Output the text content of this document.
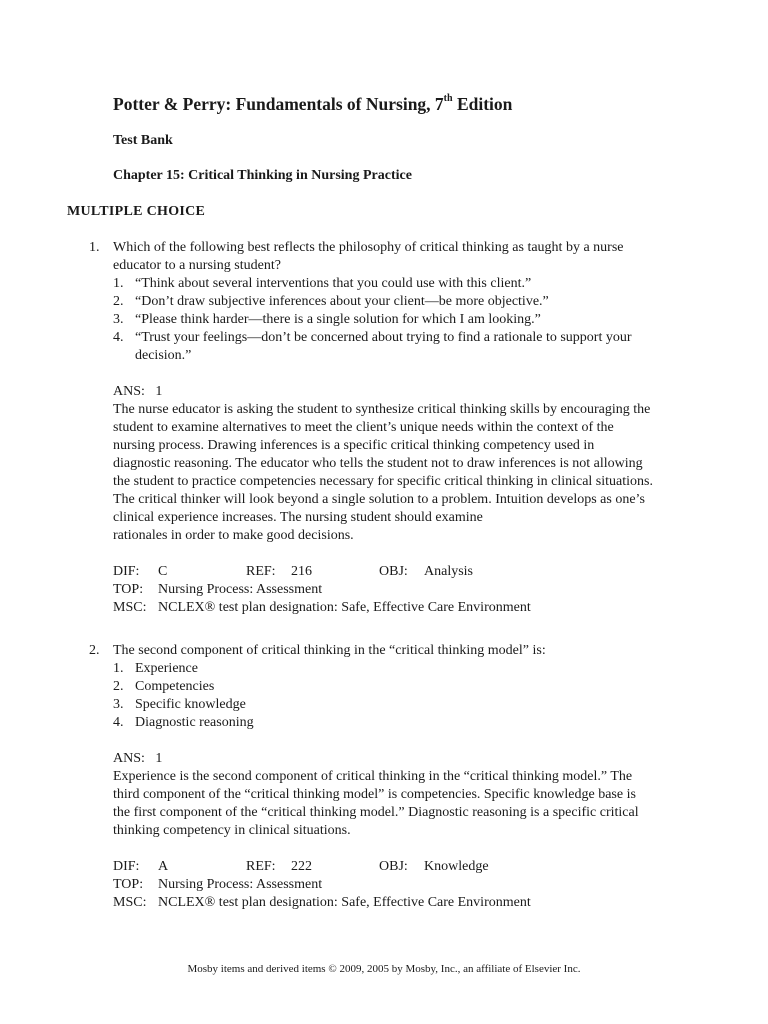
Potter & Perry: Fundamentals of Nursing, 7th Edition
Test Bank
Chapter 15: Critical Thinking in Nursing Practice
MULTIPLE CHOICE
1. Which of the following best reflects the philosophy of critical thinking as taught by a nurse educator to a nursing student?
1. “Think about several interventions that you could use with this client.”
2. “Don’t draw subjective inferences about your client—be more objective.”
3. “Please think harder—there is a single solution for which I am looking.”
4. “Trust your feelings—don’t be concerned about trying to find a rationale to support your decision.”
ANS: 1
The nurse educator is asking the student to synthesize critical thinking skills by encouraging the student to examine alternatives to meet the client’s unique needs within the context of the nursing process. Drawing inferences is a specific critical thinking competency used in diagnostic reasoning. The educator who tells the student not to draw inferences is not allowing the student to practice competencies necessary for specific critical thinking in clinical situations. The critical thinker will look beyond a single solution to a problem. Intuition develops as one’s clinical experience increases. The nursing student should examine
rationales in order to make good decisions.
DIF:	C	REF:	216	OBJ:	Analysis
TOP:	Nursing Process: Assessment
MSC: NCLEX® test plan designation: Safe, Effective Care Environment
2. The second component of critical thinking in the “critical thinking model” is:
1. Experience
2. Competencies
3. Specific knowledge
4. Diagnostic reasoning
ANS: 1
Experience is the second component of critical thinking in the “critical thinking model.” The third component of the “critical thinking model” is competencies. Specific knowledge base is the first component of the “critical thinking model.” Diagnostic reasoning is a specific critical thinking competency in clinical situations.
DIF:	A	REF:	222	OBJ:	Knowledge
TOP:	Nursing Process: Assessment
MSC: NCLEX® test plan designation: Safe, Effective Care Environment
Mosby items and derived items © 2009, 2005 by Mosby, Inc., an affiliate of Elsevier Inc.
